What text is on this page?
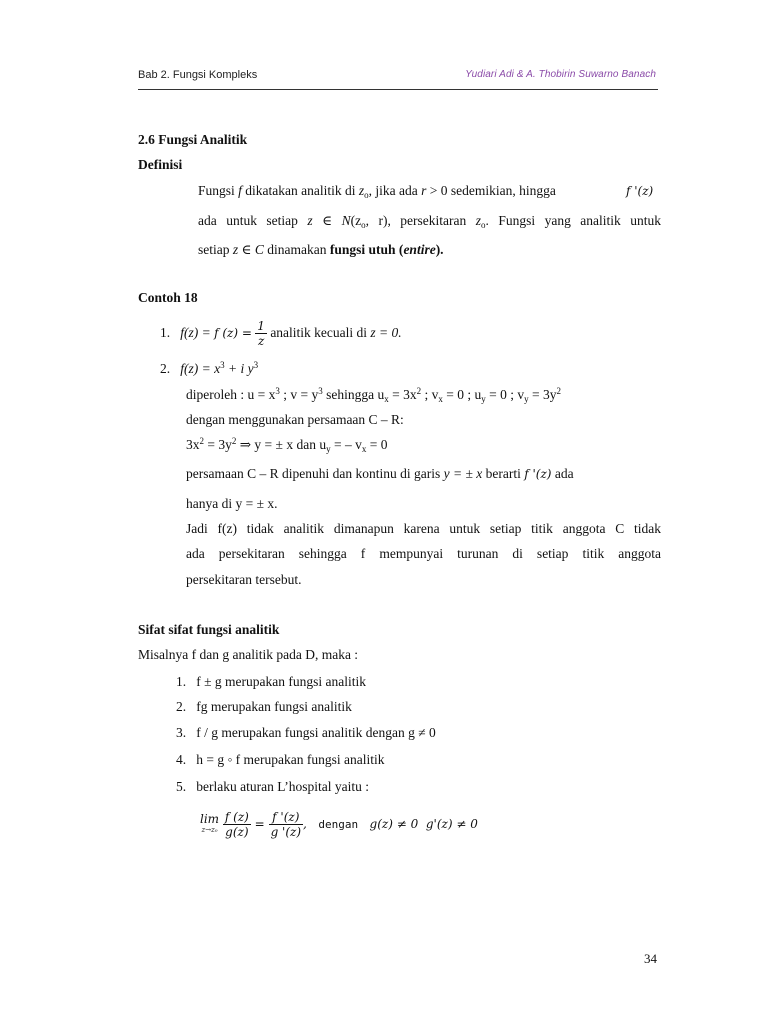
Bab 2. Fungsi Kompleks	Yudiari Adi & A. Thobirin Suwarno Banach
2.6 Fungsi Analitik
Definisi
Fungsi f dikatakan analitik di $z_o$, jika ada r > 0 sedemikian, hingga	f '(z)
ada untuk setiap z ∈ $N(z_o$, r), persekitaran $z_o$. Fungsi yang analitik untuk
setiap z ∈ C dinamakan fungsi utuh (entire).
Contoh 18
1. f(z) = f $(z) = \frac{1}{z}$ analitik kecuali di z = 0.
2. $f(z) = x^3 + i$ $y^3$
diperoleh : $u = x^3$ ; $v = y^3$ sehingga $u_x = 3x^2$ ; $v_x = 0$ ; $u_y = 0$ ; $v_y = 3y^2$
dengan menggunakan persamaan C – R:
$3x^2 = 3y^2$ ⇒ y = ± x dan $u_y$ = – $v_x = 0$
persamaan C – R dipenuhi dan kontinu di garis y = ± x berarti f '(z) ada
hanya di y = ± x.
Jadi f(z) tidak analitik dimanapun karena untuk setiap titik anggota C tidak
ada persekitaran sehingga f mempunyai turunan di setiap titik anggota
persekitaran tersebut.
Sifat sifat fungsi analitik
Misalnya f dan g analitik pada D, maka :
1. f ± g merupakan fungsi analitik
2. fg merupakan fungsi analitik
3. f / g merupakan fungsi analitik dengan g ≠ 0
4. h = g ◦ f merupakan fungsi analitik
5. berlaku aturan L’hospital yaitu :
lim
z→z₀
$\frac{f (z)}{g(z)} = \frac{f '(z)}{g '(z)}$ , dengan g(z) ≠ 0 g'(z) ≠ 0
34
